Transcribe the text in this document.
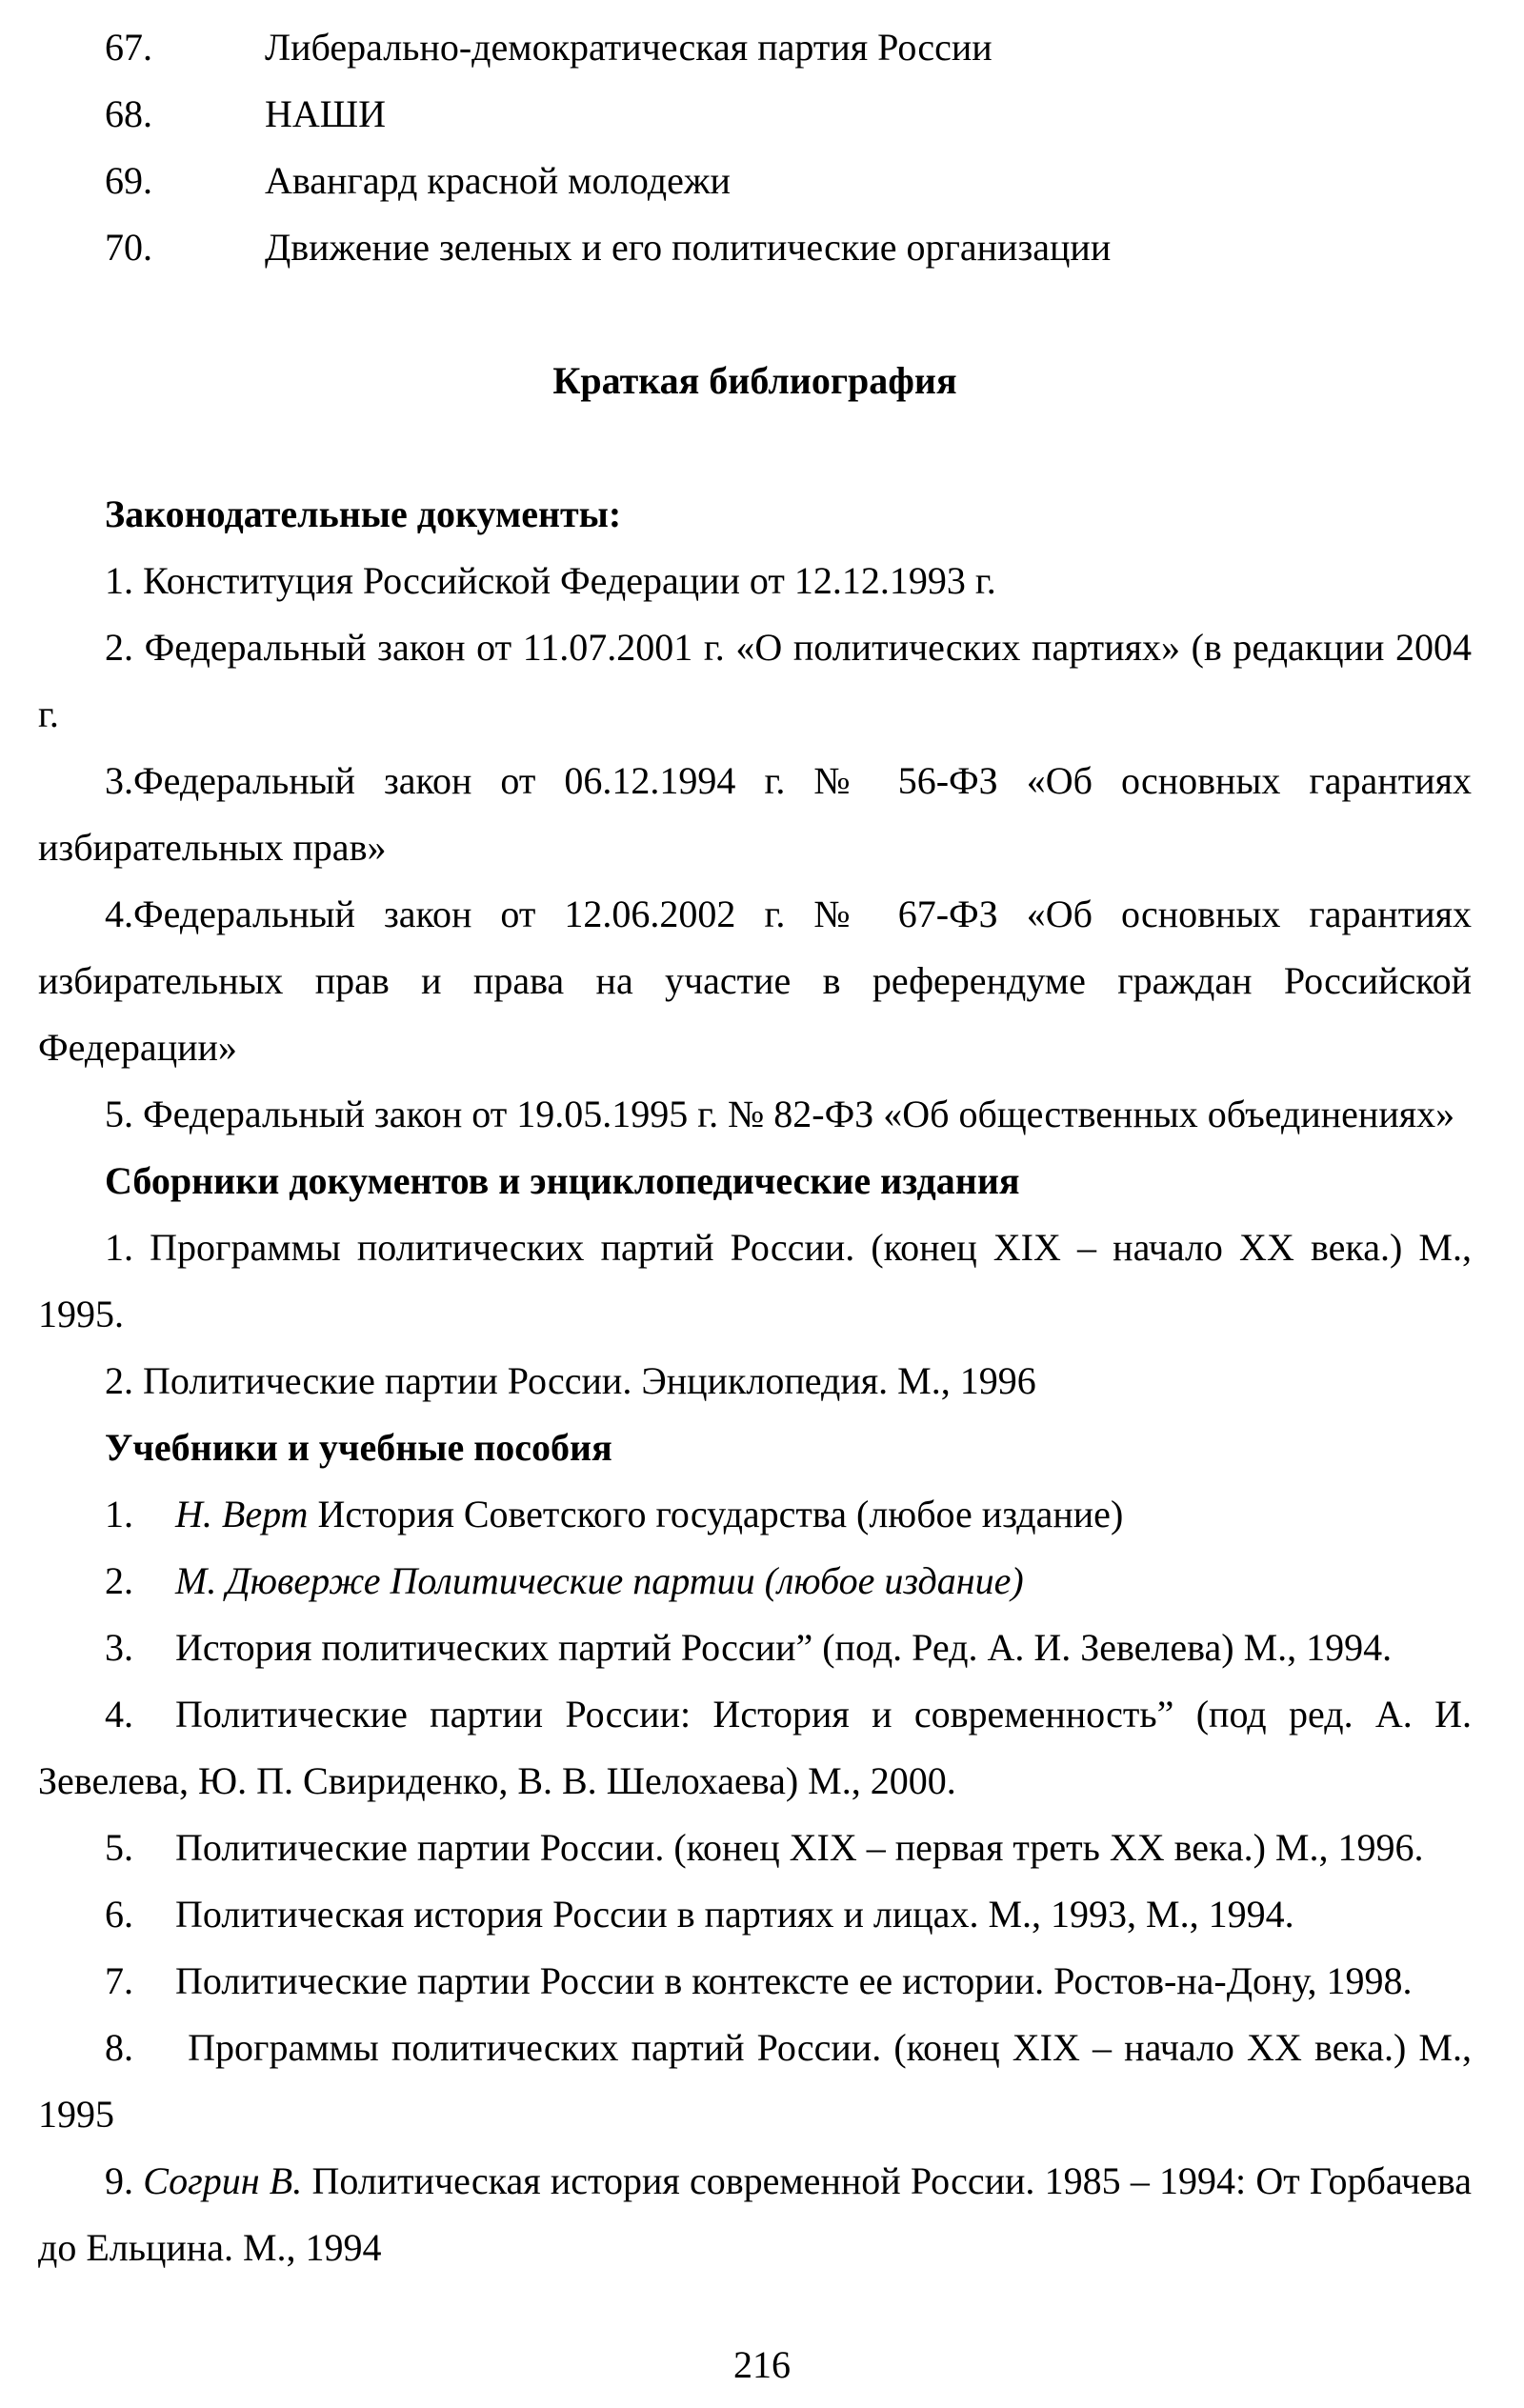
67.	Либерально-демократическая партия России
68.	НАШИ
69.	Авангард красной молодежи
70.	Движение зеленых и его политические организации
Краткая библиография
Законодательные документы:
1. Конституция Российской Федерации от 12.12.1993 г.
2. Федеральный закон от 11.07.2001 г. «О политических партиях» (в редакции 2004
г.
3.Федеральный закон от 06.12.1994 г. № 56-ФЗ «Об основных гарантиях
избирательных прав»
4.Федеральный закон от 12.06.2002 г. № 67-ФЗ «Об основных гарантиях
избирательных прав и права на участие в референдуме граждан Российской
Федерации»
5. Федеральный закон от 19.05.1995 г. № 82-ФЗ «Об общественных объединениях»
Сборники документов и энциклопедические издания
1. Программы политических партий России. (конец XIX – начало XX века.) М.,
1995.
2. Политические партии России. Энциклопедия. М., 1996
Учебники и учебные пособия
1. Н. Верт История Советского государства (любое издание)
2. М. Дюверже Политические партии (любое издание)
3. История политических партий России” (под. Ред. А. И. Зевелева) М., 1994.
4. Политические партии России: История и современность” (под ред. А. И.
Зевелева, Ю. П. Свириденко, В. В. Шелохаева) М., 2000.
5. Политические партии России. (конец XIX – первая треть XX века.) М., 1996.
6. Политическая история России в партиях и лицах. М., 1993, М., 1994.
7. Политические партии России в контексте ее истории. Ростов-на-Дону, 1998.
8. Программы политических партий России. (конец XIX – начало XX века.) М.,
1995
9. Согрин В. Политическая история современной России. 1985 – 1994: От Горбачева
до Ельцина. М., 1994
216
